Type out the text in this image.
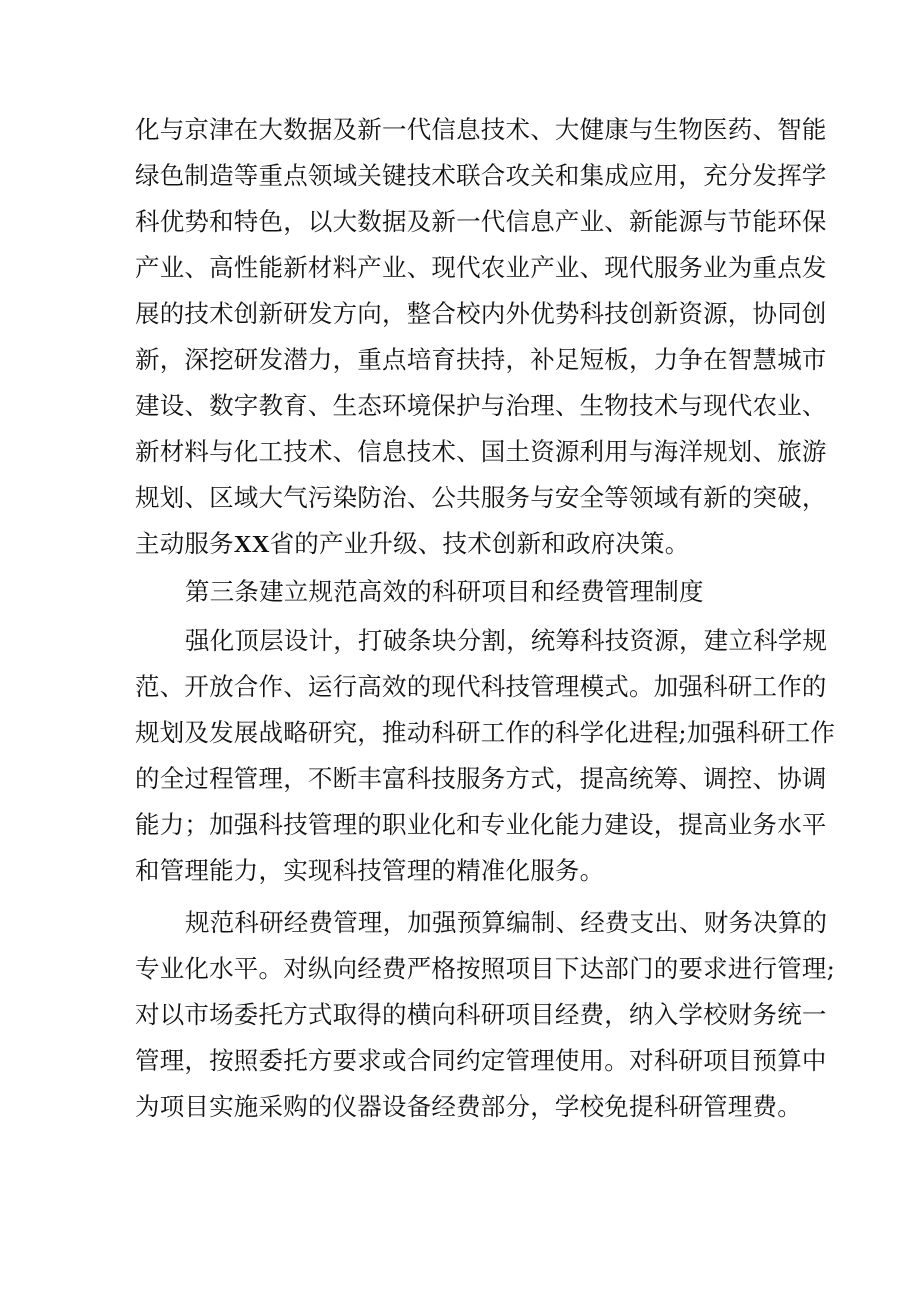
化与京津在大数据及新一代信息技术、大健康与生物医药、智能
绿色制造等重点领域关键技术联合攻关和集成应用，充分发挥学
科优势和特色，以大数据及新一代信息产业、新能源与节能环保
产业、高性能新材料产业、现代农业产业、现代服务业为重点发
展的技术创新研发方向，整合校内外优势科技创新资源，协同创
新，深挖研发潜力，重点培育扶持，补足短板，力争在智慧城市
建设、数字教育、生态环境保护与治理、生物技术与现代农业、
新材料与化工技术、信息技术、国土资源利用与海洋规划、旅游
规划、区域大气污染防治、公共服务与安全等领域有新的突破，
主动服务XX省的产业升级、技术创新和政府决策。
第三条建立规范高效的科研项目和经费管理制度
强化顶层设计，打破条块分割，统筹科技资源，建立科学规
范、开放合作、运行高效的现代科技管理模式。加强科研工作的
规划及发展战略研究，推动科研工作的科学化进程;加强科研工作
的全过程管理，不断丰富科技服务方式，提高统筹、调控、协调
能力；加强科技管理的职业化和专业化能力建设，提高业务水平
和管理能力，实现科技管理的精准化服务。
规范科研经费管理，加强预算编制、经费支出、财务决算的
专业化水平。对纵向经费严格按照项目下达部门的要求进行管理;
对以市场委托方式取得的横向科研项目经费，纳入学校财务统一
管理，按照委托方要求或合同约定管理使用。对科研项目预算中
为项目实施采购的仪器设备经费部分，学校免提科研管理费。
